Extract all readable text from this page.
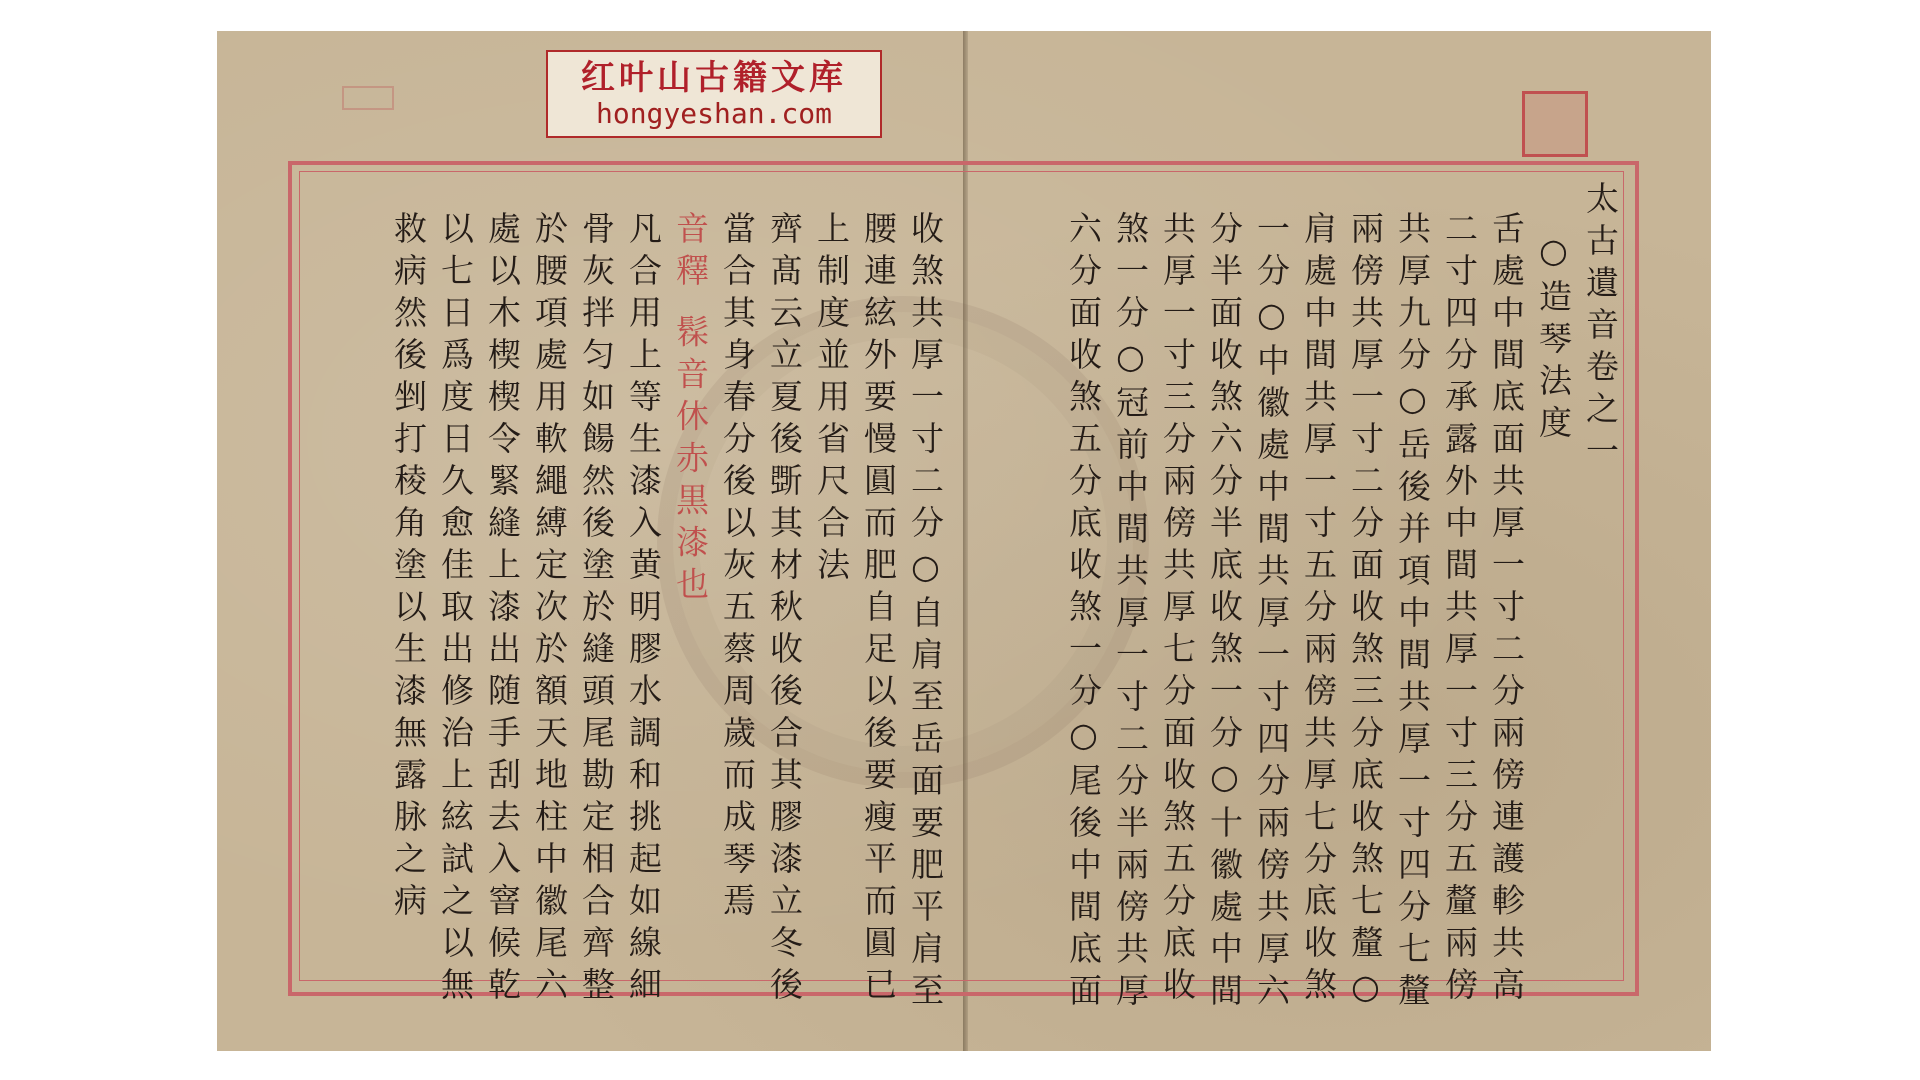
红叶山古籍文库
hongyeshan.com
太古遺音卷之一
○造琴法度
舌處中間底面共厚一寸二分兩傍連護軫共高
二寸四分承露外中間共厚一寸三分五釐兩傍
共厚九分○岳後并項中間共厚一寸四分七釐
兩傍共厚一寸二分面收煞三分底收煞七釐○
肩處中間共厚一寸五分兩傍共厚七分底收煞
一分○中徽處中間共厚一寸四分兩傍共厚六
分半面收煞六分半底收煞一分○十徽處中間
共厚一寸三分兩傍共厚七分面收煞五分底收
煞一分○冠前中間共厚一寸二分半兩傍共厚
六分面收煞五分底收煞一分○尾後中間底面
收煞共厚一寸二分○自肩至岳面要肥平肩至
腰連絃外要慢圓而肥自足以後要瘦平而圓已
上制度並用省尺合法
齊髙云立夏後斲其材秋收後合其膠漆立冬後
當合其身春分後以灰五蔡周歲而成琴焉
音釋 髹音休赤黒漆也
凡合用上等生漆入黄明膠水調和挑起如線細
骨灰拌匀如餳然後塗於縫頭尾勘定相合齊整
於腰項處用軟繩縛定次於額天地柱中徽尾六
處以木楔楔令緊縫上漆出随手刮去入窨候乾
以七日爲度日久愈佳取出修治上絃試之以無
救病然後剉打稜角塗以生漆無露脉之病
